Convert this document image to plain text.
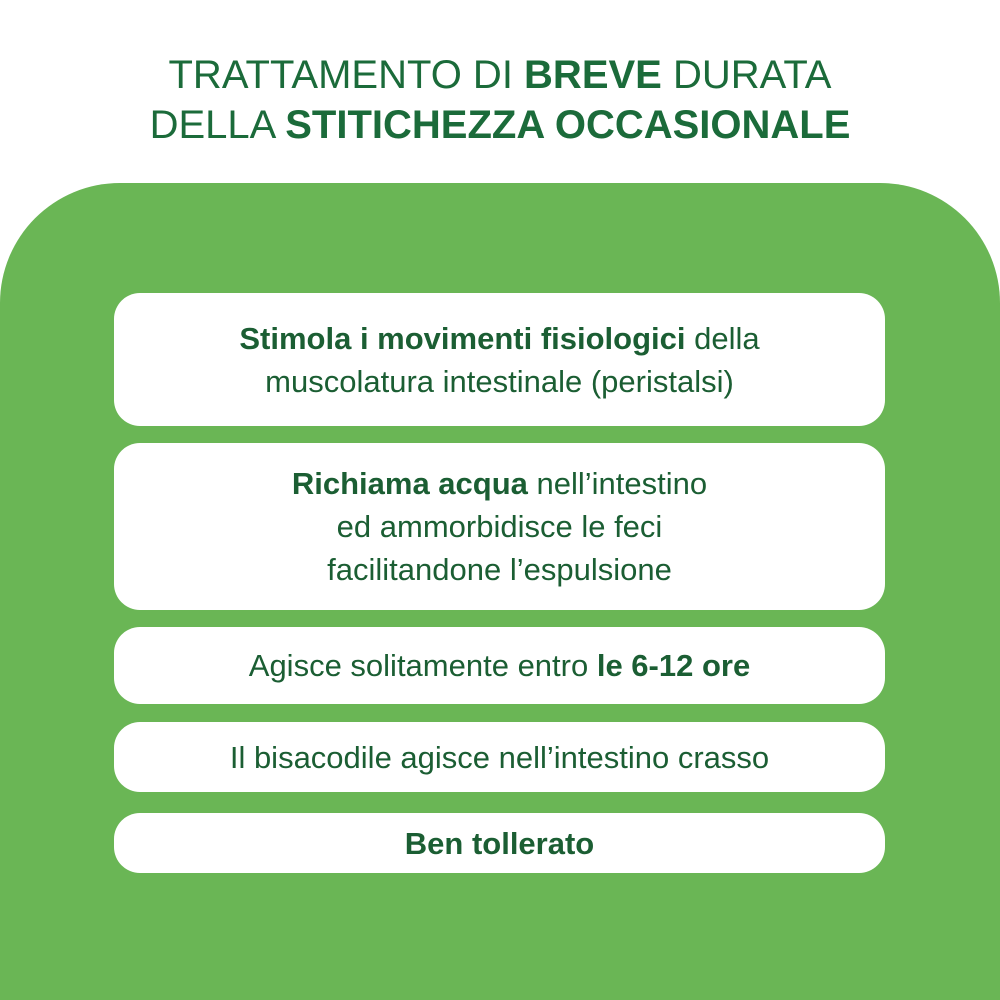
TRATTAMENTO DI BREVE DURATA
DELLA STITICHEZZA OCCASIONALE
Stimola i movimenti fisiologici della
muscolatura intestinale (peristalsi)
Richiama acqua nell’intestino
ed ammorbidisce le feci
facilitandone l’espulsione
Agisce solitamente entro le 6-12 ore
Il bisacodile agisce nell’intestino crasso
Ben tollerato
